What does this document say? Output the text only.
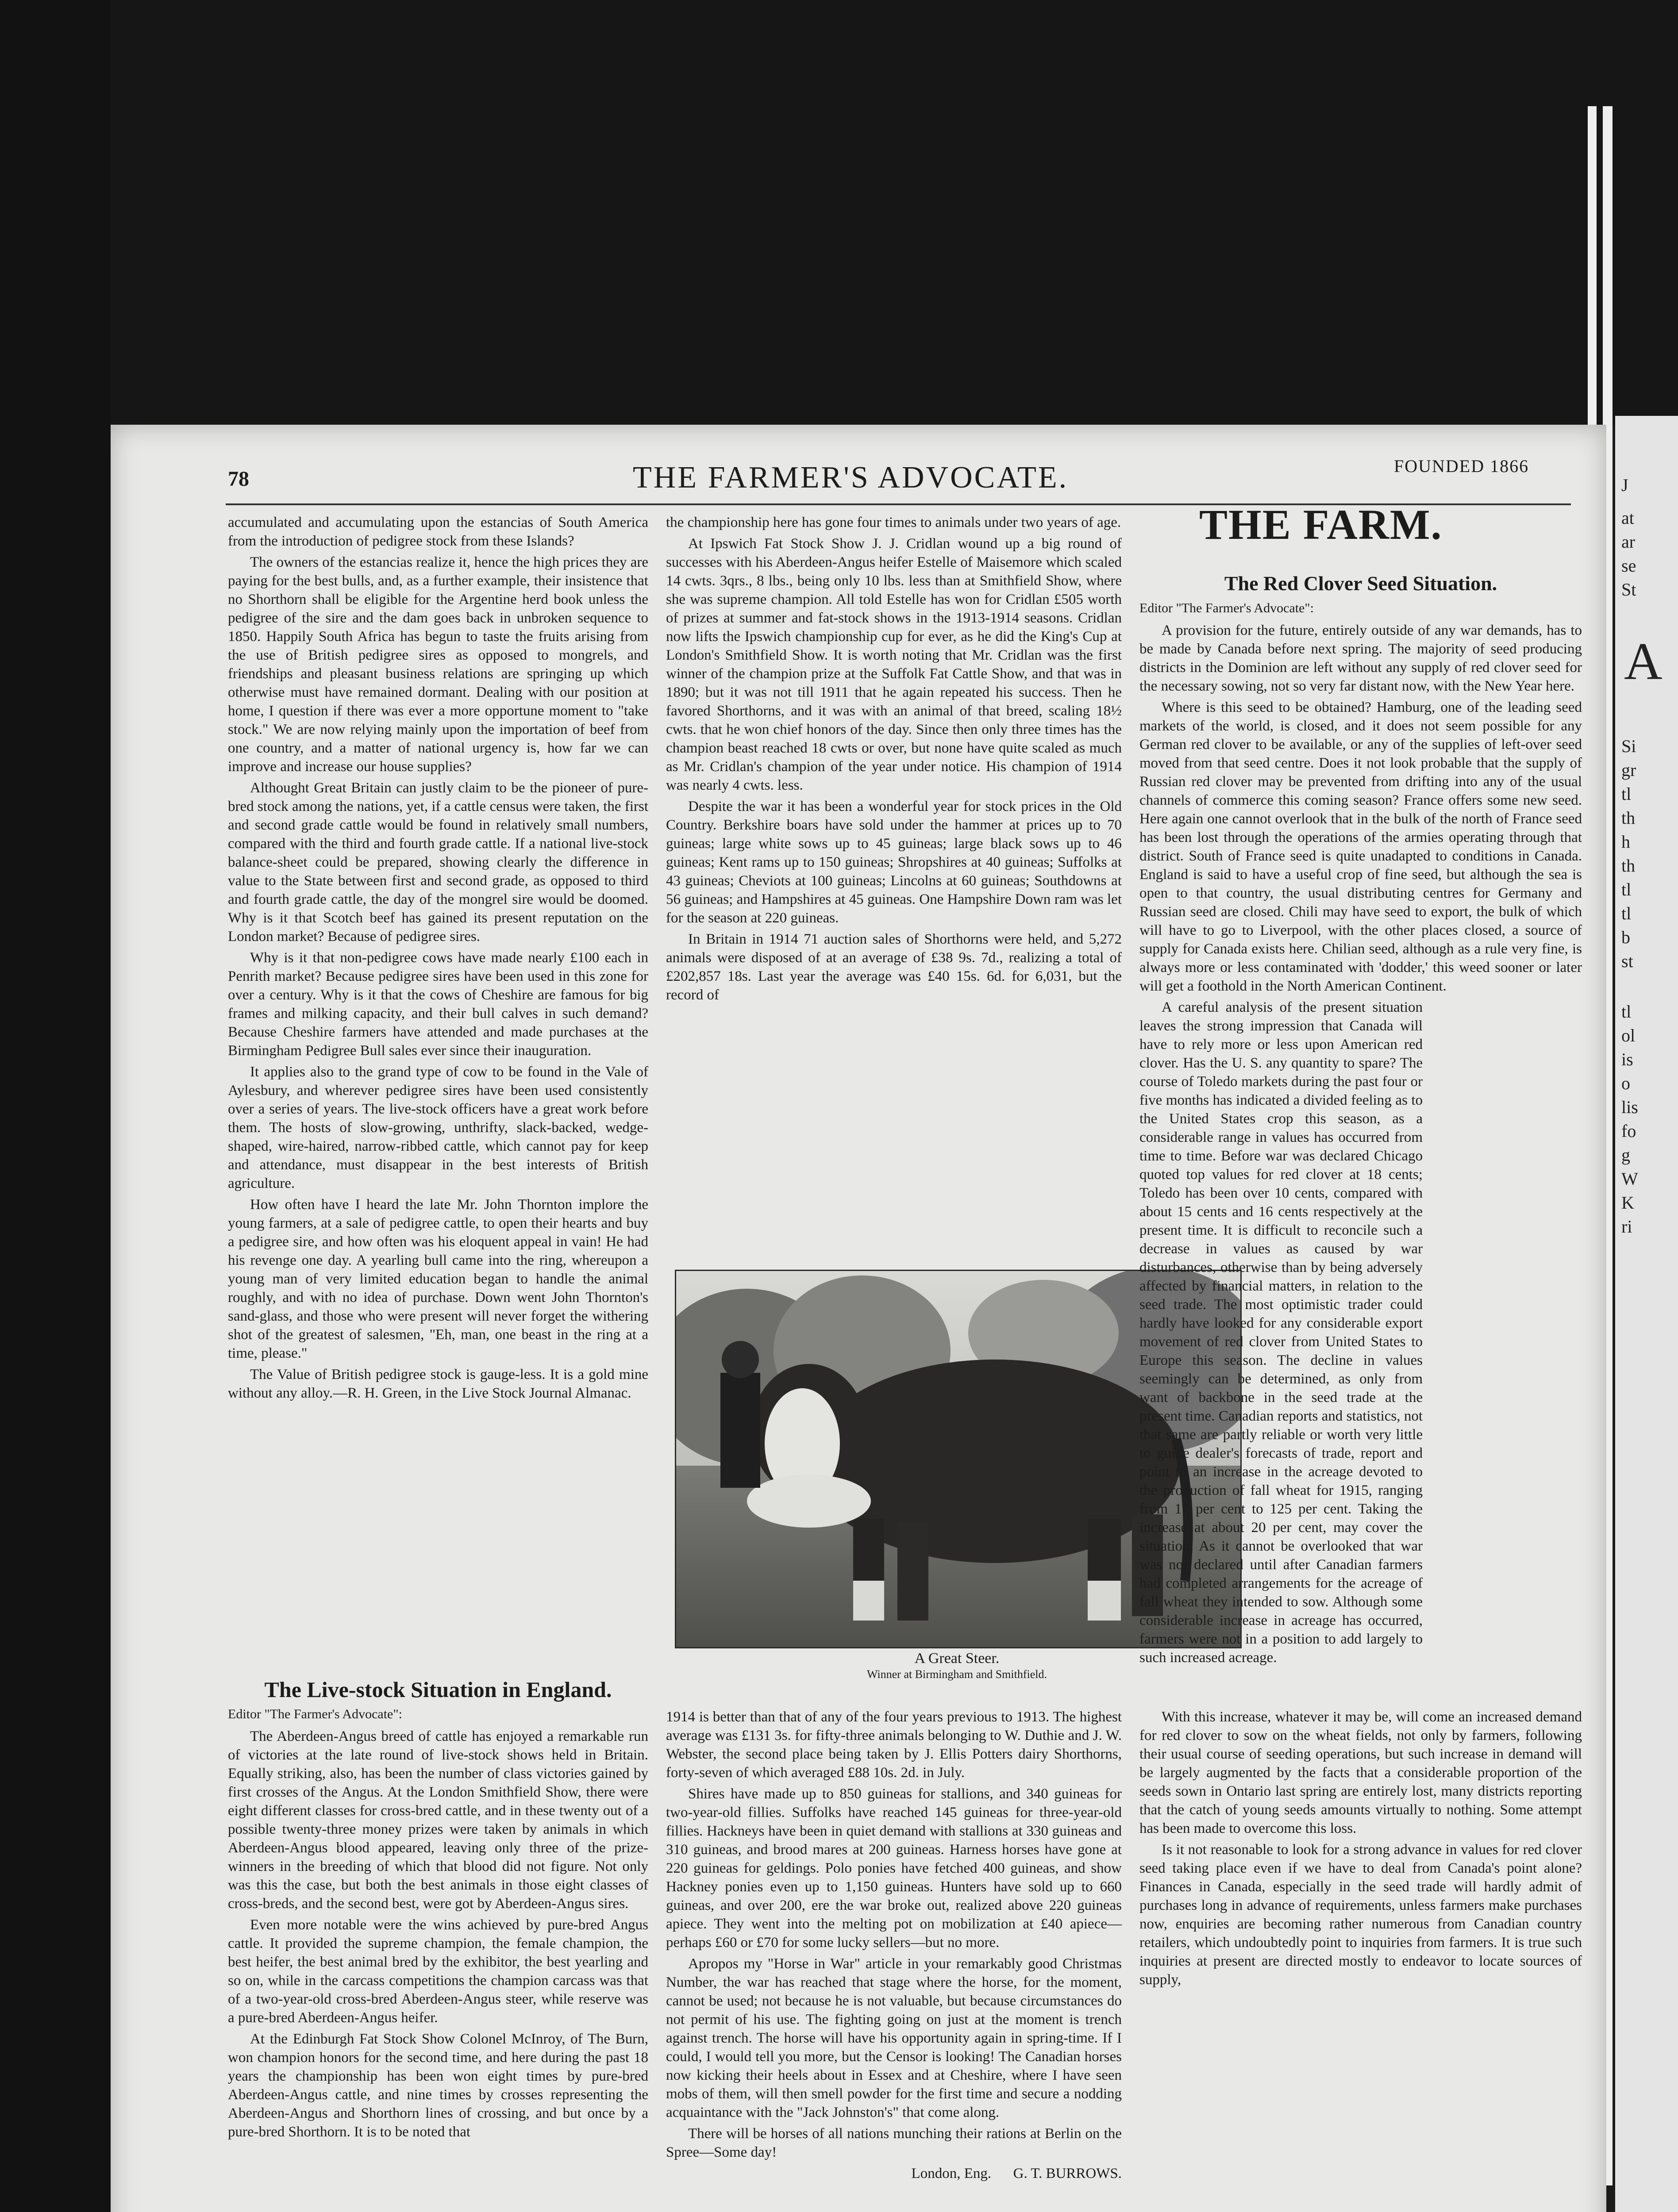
J
at
ar
se
St
A
Si
gr
tl
th
h
th
tl
tl
b
st
tl
ol
is
o
lis
fo
g
W
K
ri
78	THE FARMER'S ADVOCATE.	FOUNDED 1866

accumulated and accumulating upon the estancias of South America from the introduction of pedigree stock from these Islands?

The owners of the estancias realize it, hence the high prices they are paying for the best bulls, and, as a further example, their insistence that no Shorthorn shall be eligible for the Argentine herd book unless the pedigree of the sire and the dam goes back in unbroken sequence to 1850. Happily South Africa has begun to taste the fruits arising from the use of British pedigree sires as opposed to mongrels, and friendships and pleasant business relations are springing up which otherwise must have remained dormant. Dealing with our position at home, I question if there was ever a more opportune moment to "take stock." We are now relying mainly upon the importation of beef from one country, and a matter of national urgency is, how far we can improve and increase our house supplies?

Althought Great Britain can justly claim to be the pioneer of pure-bred stock among the nations, yet, if a cattle census were taken, the first and second grade cattle would be found in relatively small numbers, compared with the third and fourth grade cattle. If a national live-stock balance-sheet could be prepared, showing clearly the difference in value to the State between first and second grade, as opposed to third and fourth grade cattle, the day of the mongrel sire would be doomed. Why is it that Scotch beef has gained its present reputation on the London market? Because of pedigree sires.

Why is it that non-pedigree cows have made nearly £100 each in Penrith market? Because pedigree sires have been used in this zone for over a century. Why is it that the cows of Cheshire are famous for big frames and milking capacity, and their bull calves in such demand? Because Cheshire farmers have attended and made purchases at the Birmingham Pedigree Bull sales ever since their inauguration.

It applies also to the grand type of cow to be found in the Vale of Aylesbury, and wherever pedigree sires have been used consistently over a series of years. The live-stock officers have a great work before them. The hosts of slow-growing, unthrifty, slack-backed, wedge-shaped, wire-haired, narrow-ribbed cattle, which cannot pay for keep and attendance, must disappear in the best interests of British agriculture.

How often have I heard the late Mr. John Thornton implore the young farmers, at a sale of pedigree cattle, to open their hearts and buy a pedigree sire, and how often was his eloquent appeal in vain! He had his revenge one day. A yearling bull came into the ring, whereupon a young man of very limited education began to handle the animal roughly, and with no idea of purchase. Down went John Thornton's sand-glass, and those who were present will never forget the withering shot of the greatest of salesmen, "Eh, man, one beast in the ring at a time, please."

The Value of British pedigree stock is gauge-less. It is a gold mine without any alloy.—R. H. Green, in the Live Stock Journal Almanac.

The Live-stock Situation in England.

Editor "The Farmer's Advocate":

The Aberdeen-Angus breed of cattle has enjoyed a remarkable run of victories at the late round of live-stock shows held in Britain. Equally striking, also, has been the number of class victories gained by first crosses of the Angus. At the London Smithfield Show, there were eight different classes for cross-bred cattle, and in these twenty out of a possible twenty-three money prizes were taken by animals in which Aberdeen-Angus blood appeared, leaving only three of the prize-winners in the breeding of which that blood did not figure. Not only was this the case, but both the best animals in those eight classes of cross-breds, and the second best, were got by Aberdeen-Angus sires.

Even more notable were the wins achieved by pure-bred Angus cattle. It provided the supreme champion, the female champion, the best heifer, the best animal bred by the exhibitor, the best yearling and so on, while in the carcass competitions the champion carcass was that of a two-year-old cross-bred Aberdeen-Angus steer, while reserve was a pure-bred Aberdeen-Angus heifer.

At the Edinburgh Fat Stock Show Colonel McInroy, of The Burn, won champion honors for the second time, and here during the past 18 years the championship has been won eight times by pure-bred Aberdeen-Angus cattle, and nine times by crosses representing the Aberdeen-Angus and Shorthorn lines of crossing, and but once by a pure-bred Shorthorn. It is to be noted that

the championship here has gone four times to animals under two years of age.

At Ipswich Fat Stock Show J. J. Cridlan wound up a big round of successes with his Aberdeen-Angus heifer Estelle of Maisemore which scaled 14 cwts. 3qrs., 8 lbs., being only 10 lbs. less than at Smithfield Show, where she was supreme champion. All told Estelle has won for Cridlan £505 worth of prizes at summer and fat-stock shows in the 1913-1914 seasons. Cridlan now lifts the Ipswich championship cup for ever, as he did the King's Cup at London's Smithfield Show. It is worth noting that Mr. Cridlan was the first winner of the champion prize at the Suffolk Fat Cattle Show, and that was in 1890; but it was not till 1911 that he again repeated his success. Then he favored Shorthorns, and it was with an animal of that breed, scaling 18½ cwts. that he won chief honors of the day. Since then only three times has the champion beast reached 18 cwts or over, but none have quite scaled as much as Mr. Cridlan's champion of the year under notice. His champion of 1914 was nearly 4 cwts. less.

Despite the war it has been a wonderful year for stock prices in the Old Country. Berkshire boars have sold under the hammer at prices up to 70 guineas; large white sows up to 45 guineas; large black sows up to 46 guineas; Kent rams up to 150 guineas; Shropshires at 40 guineas; Suffolks at 43 guineas; Cheviots at 100 guineas; Lincolns at 60 guineas; Southdowns at 56 guineas; and Hampshires at 45 guineas. One Hampshire Down ram was let for the season at 220 guineas.

In Britain in 1914 71 auction sales of Shorthorns were held, and 5,272 animals were disposed of at an average of £38 9s. 7d., realizing a total of £202,857 18s. Last year the average was £40 15s. 6d. for 6,031, but the record of

A Great Steer.
Winner at Birmingham and Smithfield.

1914 is better than that of any of the four years previous to 1913. The highest average was £131 3s. for fifty-three animals belonging to W. Duthie and J. W. Webster, the second place being taken by J. Ellis Potters dairy Shorthorns, forty-seven of which averaged £88 10s. 2d. in July.

Shires have made up to 850 guineas for stallions, and 340 guineas for two-year-old fillies. Suffolks have reached 145 guineas for three-year-old fillies. Hackneys have been in quiet demand with stallions at 330 guineas and 310 guineas, and brood mares at 200 guineas. Harness horses have gone at 220 guineas for geldings. Polo ponies have fetched 400 guineas, and show Hackney ponies even up to 1,150 guineas. Hunters have sold up to 660 guineas, and over 200, ere the war broke out, realized above 220 guineas apiece. They went into the melting pot on mobilization at £40 apiece—perhaps £60 or £70 for some lucky sellers—but no more.

Apropos my "Horse in War" article in your remarkably good Christmas Number, the war has reached that stage where the horse, for the moment, cannot be used; not because he is not valuable, but because circumstances do not permit of his use. The fighting going on just at the moment is trench against trench. The horse will have his opportunity again in spring-time. If I could, I would tell you more, but the Censor is looking! The Canadian horses now kicking their heels about in Essex and at Cheshire, where I have seen mobs of them, will then smell powder for the first time and secure a nodding acquaintance with the "Jack Johnston's" that come along.

There will be horses of all nations munching their rations at Berlin on the Spree—Some day!

London, Eng. G. T. BURROWS.

THE FARM.

The Red Clover Seed Situation.

Editor "The Farmer's Advocate":

A provision for the future, entirely outside of any war demands, has to be made by Canada before next spring. The majority of seed producing districts in the Dominion are left without any supply of red clover seed for the necessary sowing, not so very far distant now, with the New Year here.

Where is this seed to be obtained? Hamburg, one of the leading seed markets of the world, is closed, and it does not seem possible for any German red clover to be available, or any of the supplies of left-over seed moved from that seed centre. Does it not look probable that the supply of Russian red clover may be prevented from drifting into any of the usual channels of commerce this coming season? France offers some new seed. Here again one cannot overlook that in the bulk of the north of France seed has been lost through the operations of the armies operating through that district. South of France seed is quite unadapted to conditions in Canada. England is said to have a useful crop of fine seed, but although the sea is open to that country, the usual distributing centres for Germany and Russian seed are closed. Chili may have seed to export, the bulk of which will have to go to Liverpool, with the other places closed, a source of supply for Canada exists here. Chilian seed, although as a rule very fine, is always more or less contaminated with 'dodder,' this weed sooner or later will get a foothold in the North American Continent.

A careful analysis of the present situation leaves the strong impression that Canada will have to rely more or less upon American red clover. Has the U. S. any quantity to spare? The course of Toledo markets during the past four or five months has indicated a divided feeling as to the United States crop this season, as a considerable range in values has occurred from time to time. Before war was declared Chicago quoted top values for red clover at 18 cents; Toledo has been over 10 cents, compared with about 15 cents and 16 cents respectively at the present time. It is difficult to reconcile such a decrease in values as caused by war disturbances, otherwise than by being adversely affected by financial matters, in relation to the seed trade. The most optimistic trader could hardly have looked for any considerable export movement of red clover from United States to Europe this season. The decline in values seemingly can be determined, as only from want of backbone in the seed trade at the present time. Canadian reports and statistics, not that same are partly reliable or worth very little to guide dealer's forecasts of trade, report and point to an increase in the acreage devoted to the production of fall wheat for 1915, ranging from 17 per cent to 125 per cent. Taking the increase at about 20 per cent, may cover the situation. As it cannot be overlooked that war was not declared until after Canadian farmers had completed arrangements for the acreage of fall wheat they intended to sow. Although some considerable increase in acreage has occurred, farmers were not in a position to add largely to such increased acreage.

With this increase, whatever it may be, will come an increased demand for red clover to sow on the wheat fields, not only by farmers, following their usual course of seeding operations, but such increase in demand will be largely augmented by the facts that a considerable proportion of the seeds sown in Ontario last spring are entirely lost, many districts reporting that the catch of young seeds amounts virtually to nothing. Some attempt has been made to overcome this loss.

Is it not reasonable to look for a strong advance in values for red clover seed taking place even if we have to deal from Canada's point alone? Finances in Canada, especially in the seed trade will hardly admit of purchases long in advance of requirements, unless farmers make purchases now, enquiries are becoming rather numerous from Canadian country retailers, which undoubtedly point to inquiries from farmers. It is true such inquiries at present are directed mostly to endeavor to locate sources of supply,
